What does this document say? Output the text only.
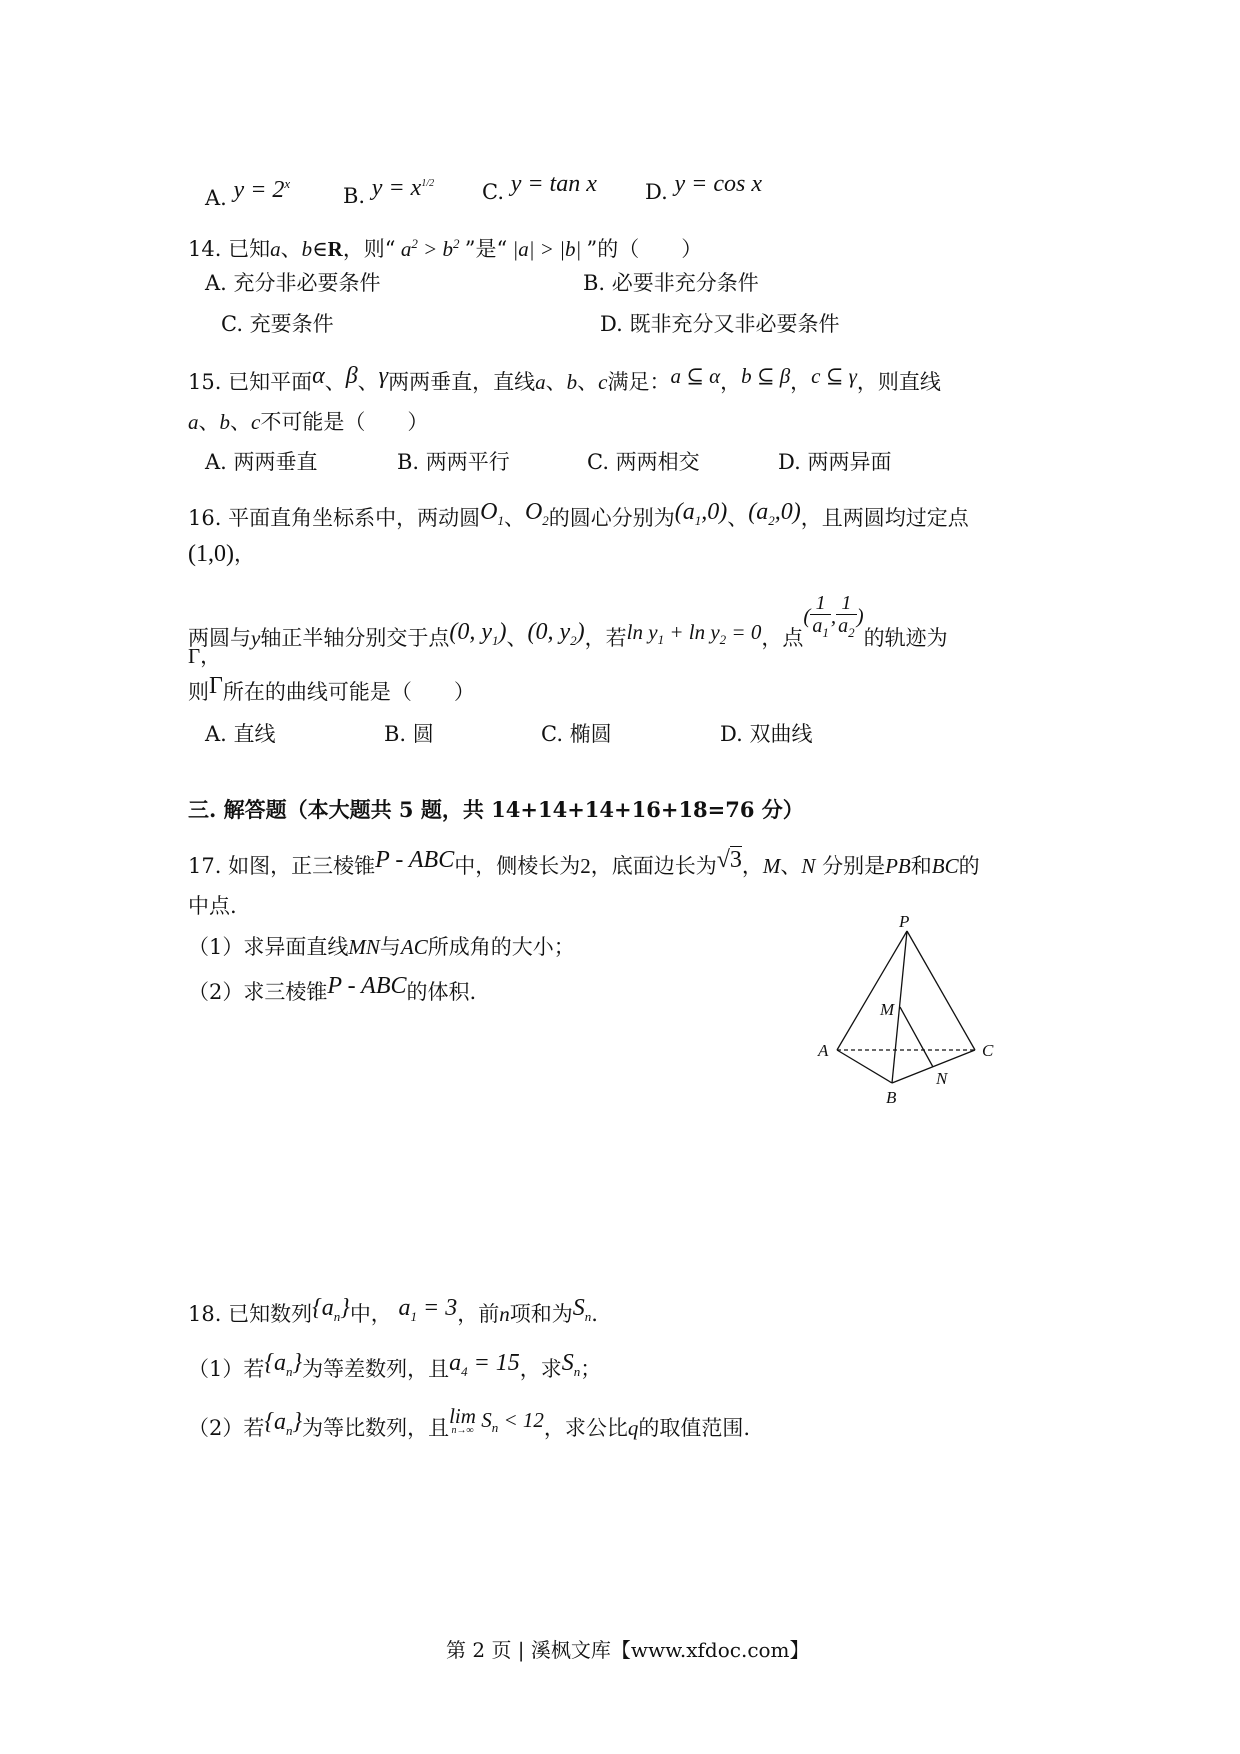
A. $y = 2^x$
B. $y = x^{1/2}$ C. y = tan x D. y = cos x
14. 已知a、b∈R，则“ $a^2 > b^2$ ”是“ |a| > |b| ”的（　　）
A. 充分非必要条件	B. 必要非充分条件
C. 充要条件	D. 既非充分又非必要条件
15. 已知平面α、β、γ两两垂直，直线a、b、c满足：a ⊆ α，b ⊆ β，c ⊆ γ，则直线
a、b、c不可能是（　　）
A. 两两垂直	B. 两两平行	C. 两两相交	D. 两两异面
16. 平面直角坐标系中，两动圆$O_1$、$O_2$的圆心分别为$(a_1,0)$、$(a_2,0)$，且两圆均过定点
(1,0)，
两圆与y轴正半轴分别交于点(0, $y_1$)、(0, $y_2$)，若$\ln y_1 + \ln y_2 = 0$，点( $\frac{1}{a_1}$ , $\frac{1}{a_2}$ )的轨迹为
Γ，
则Γ所在的曲线可能是（　　）
A. 直线	B. 圆	C. 椭圆	D. 双曲线
三. 解答题（本大题共 5 题，共 14+14+14+16+18=76 分）
17. 如图，正三棱锥P - ABC中，侧棱长为2，底面边长为√3，M、N 分别是PB和BC的
中点.
（1）求异面直线MN与AC所成角的大小；
（2）求三棱锥P - ABC的体积.
P
M
A	C
N
B
18. 已知数列$\{a_n\}$中， $a_1 = 3$，前n项和为$S_n$.
（1）若$\{a_n\}$为等差数列，且$a_4 = 15$，求$S_n$；
（2）若$\{a_n\}$为等比数列，且 lim
n→∞ $S_n < 12$，求公比q的取值范围.
第 2 页 | 溪枫文库【www.xfdoc.com】
